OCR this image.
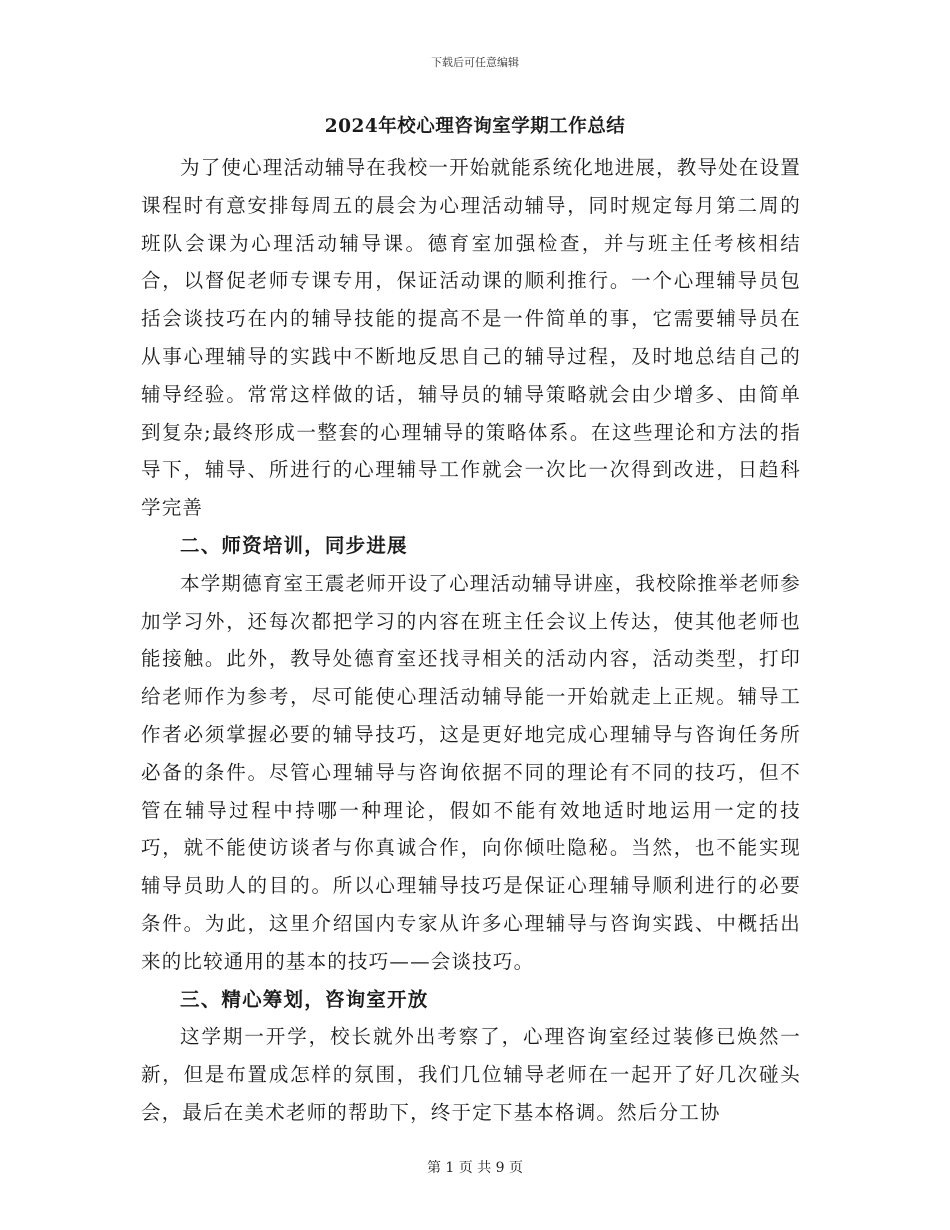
下载后可任意编辑
2024年校心理咨询室学期工作总结

为了使心理活动辅导在我校一开始就能系统化地进展，教导处在设置课程时有意安排每周五的晨会为心理活动辅导，同时规定每月第二周的班队会课为心理活动辅导课。德育室加强检查，并与班主任考核相结合，以督促老师专课专用，保证活动课的顺利推行。一个心理辅导员包括会谈技巧在内的辅导技能的提高不是一件简单的事，它需要辅导员在从事心理辅导的实践中不断地反思自己的辅导过程，及时地总结自己的辅导经验。常常这样做的话，辅导员的辅导策略就会由少增多、由简单到复杂;最终形成一整套的心理辅导的策略体系。在这些理论和方法的指导下，辅导、所进行的心理辅导工作就会一次比一次得到改进，日趋科学完善

二、师资培训，同步进展

本学期德育室王震老师开设了心理活动辅导讲座，我校除推举老师参加学习外，还每次都把学习的内容在班主任会议上传达，使其他老师也能接触。此外，教导处德育室还找寻相关的活动内容，活动类型，打印给老师作为参考，尽可能使心理活动辅导能一开始就走上正规。辅导工作者必须掌握必要的辅导技巧，这是更好地完成心理辅导与咨询任务所必备的条件。尽管心理辅导与咨询依据不同的理论有不同的技巧，但不管在辅导过程中持哪一种理论，假如不能有效地适时地运用一定的技巧，就不能使访谈者与你真诚合作，向你倾吐隐秘。当然，也不能实现辅导员助人的目的。所以心理辅导技巧是保证心理辅导顺利进行的必要条件。为此，这里介绍国内专家从许多心理辅导与咨询实践、中概括出来的比较通用的基本的技巧——会谈技巧。

三、精心筹划，咨询室开放

这学期一开学，校长就外出考察了，心理咨询室经过装修已焕然一新，但是布置成怎样的氛围，我们几位辅导老师在一起开了好几次碰头会，最后在美术老师的帮助下，终于定下基本格调。然后分工协

第 1 页 共 9 页
